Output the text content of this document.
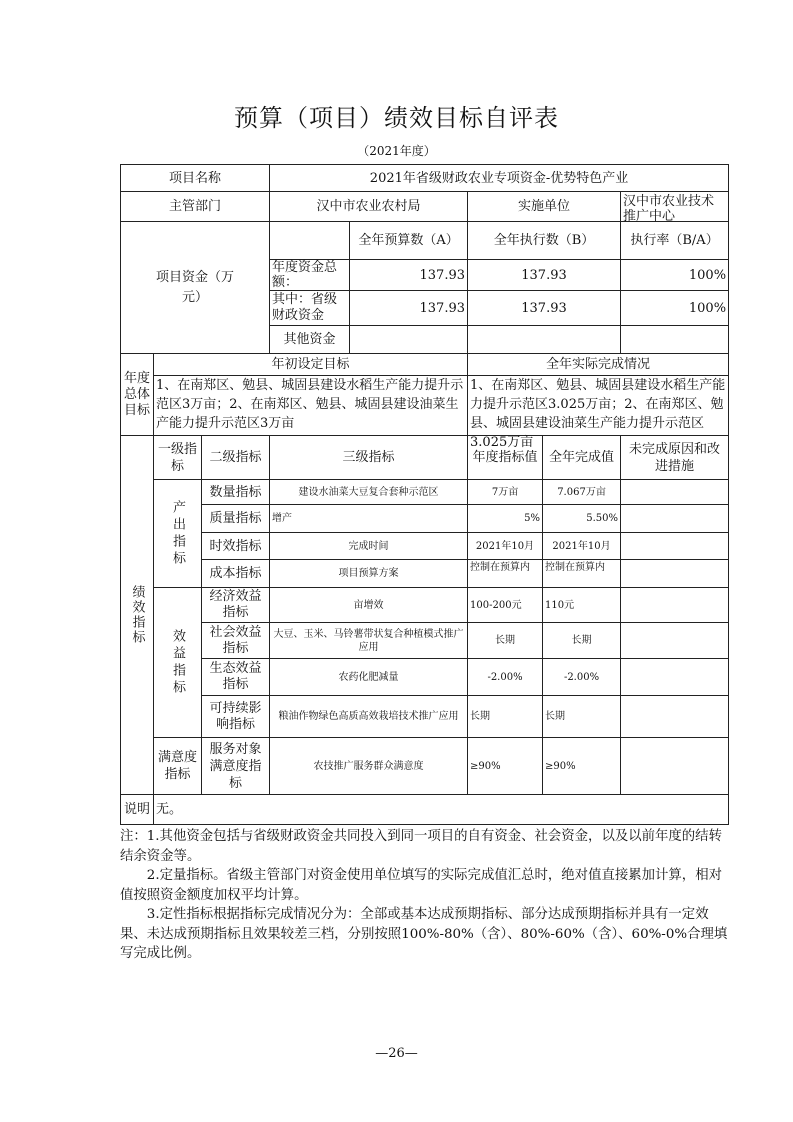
预算（项目）绩效目标自评表
（2021年度）
项目名称			2021年省级财政农业专项资金-优势特色产业				
主管部门			汉中市农业农村局		实施单位		汉中市农业技术推广中心

项目资金（万元）				全年预算数（A）	全年执行数（B）		执行率（B/A）
			年度资金总额：	137.93	137.93		100%

			其中：省级财政资金	137.93	137.93		100%
			其他资金				

年度总体目标	年初设定目标				全年实际完成情况		

	1、在南郑区、勉县、城固县建设水稻生产能力提升示范区3万亩；2、在南郑区、勉县、城固县建设油菜生产能力提升示范区3万亩				1、在南郑区、勉县、城固县建设水稻生产能力提升示范区3.025万亩；2、在南郑区、勉县、城固县建设油菜生产能力提升示范区3.025万亩		

绩效指标	一级指标	二级指标	三级指标		年度指标值	全年完成值	未完成原因和改进措施

	产出指标	数量指标	建设水油菜大豆复合套种示范区		7万亩	7.067万亩	
		质量指标	增产		5%	5.50%	
		时效指标	完成时间		2021年10月	2021年10月	
		成本指标	项目预算方案		控制在预算内	控制在预算内	

	效益指标	经济效益指标	亩增效		100-200元	110元	

		社会效益指标	大豆、玉米、马铃薯带状复合种植模式推广应用		长期	长期	

		生态效益指标	农药化肥减量		-2.00%	-2.00%	

		可持续影响指标	粮油作物绿色高质高效栽培技术推广应用		长期	长期	

	满意度指标	服务对象满意度指标	农技推广服务群众满意度		≥90%	≥90%	
说明	无。						

注：1.其他资金包括与省级财政资金共同投入到同一项目的自有资金、社会资金，以及以前年度的结转结余资金等。

2.定量指标。省级主管部门对资金使用单位填写的实际完成值汇总时，绝对值直接累加计算，相对值按照资金额度加权平均计算。

3.定性指标根据指标完成情况分为：全部或基本达成预期指标、部分达成预期指标并具有一定效果、未达成预期指标且效果较差三档，分别按照100%-80%（含）、80%-60%（含）、60%-0%合理填写完成比例。

—26—
